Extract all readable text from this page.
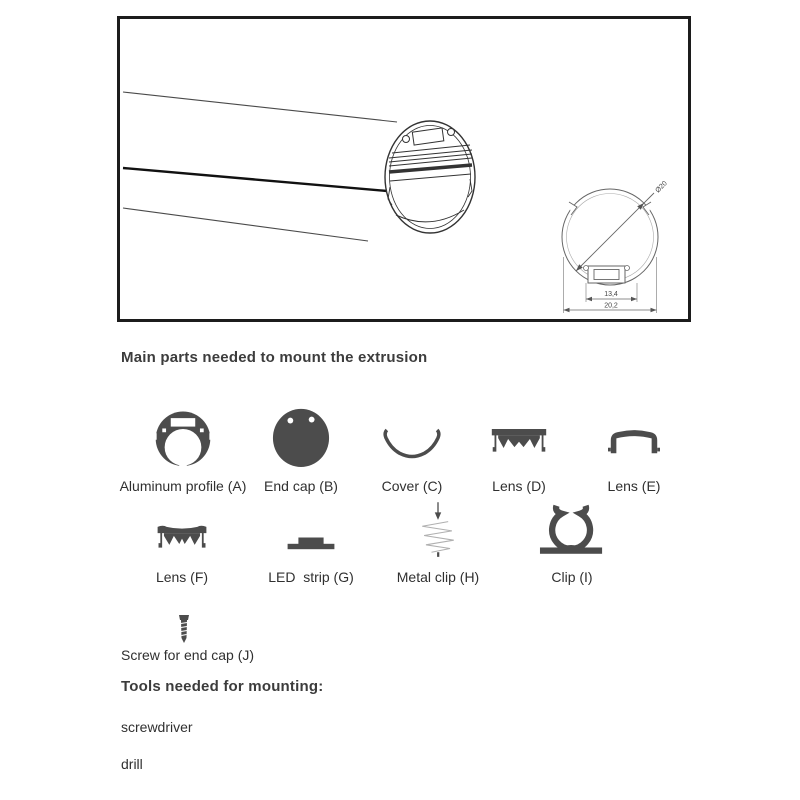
Ø20
13,4
20,2
Main parts needed to mount the extrusion
Aluminum profile (A) End cap (B)	Cover (C)	Lens (D)	Lens (E)
Lens (F)	LED  strip (G)	Metal clip (H)	Clip (I)
Screw for end cap (J)
Tools needed for mounting:
screwdriver
drill
